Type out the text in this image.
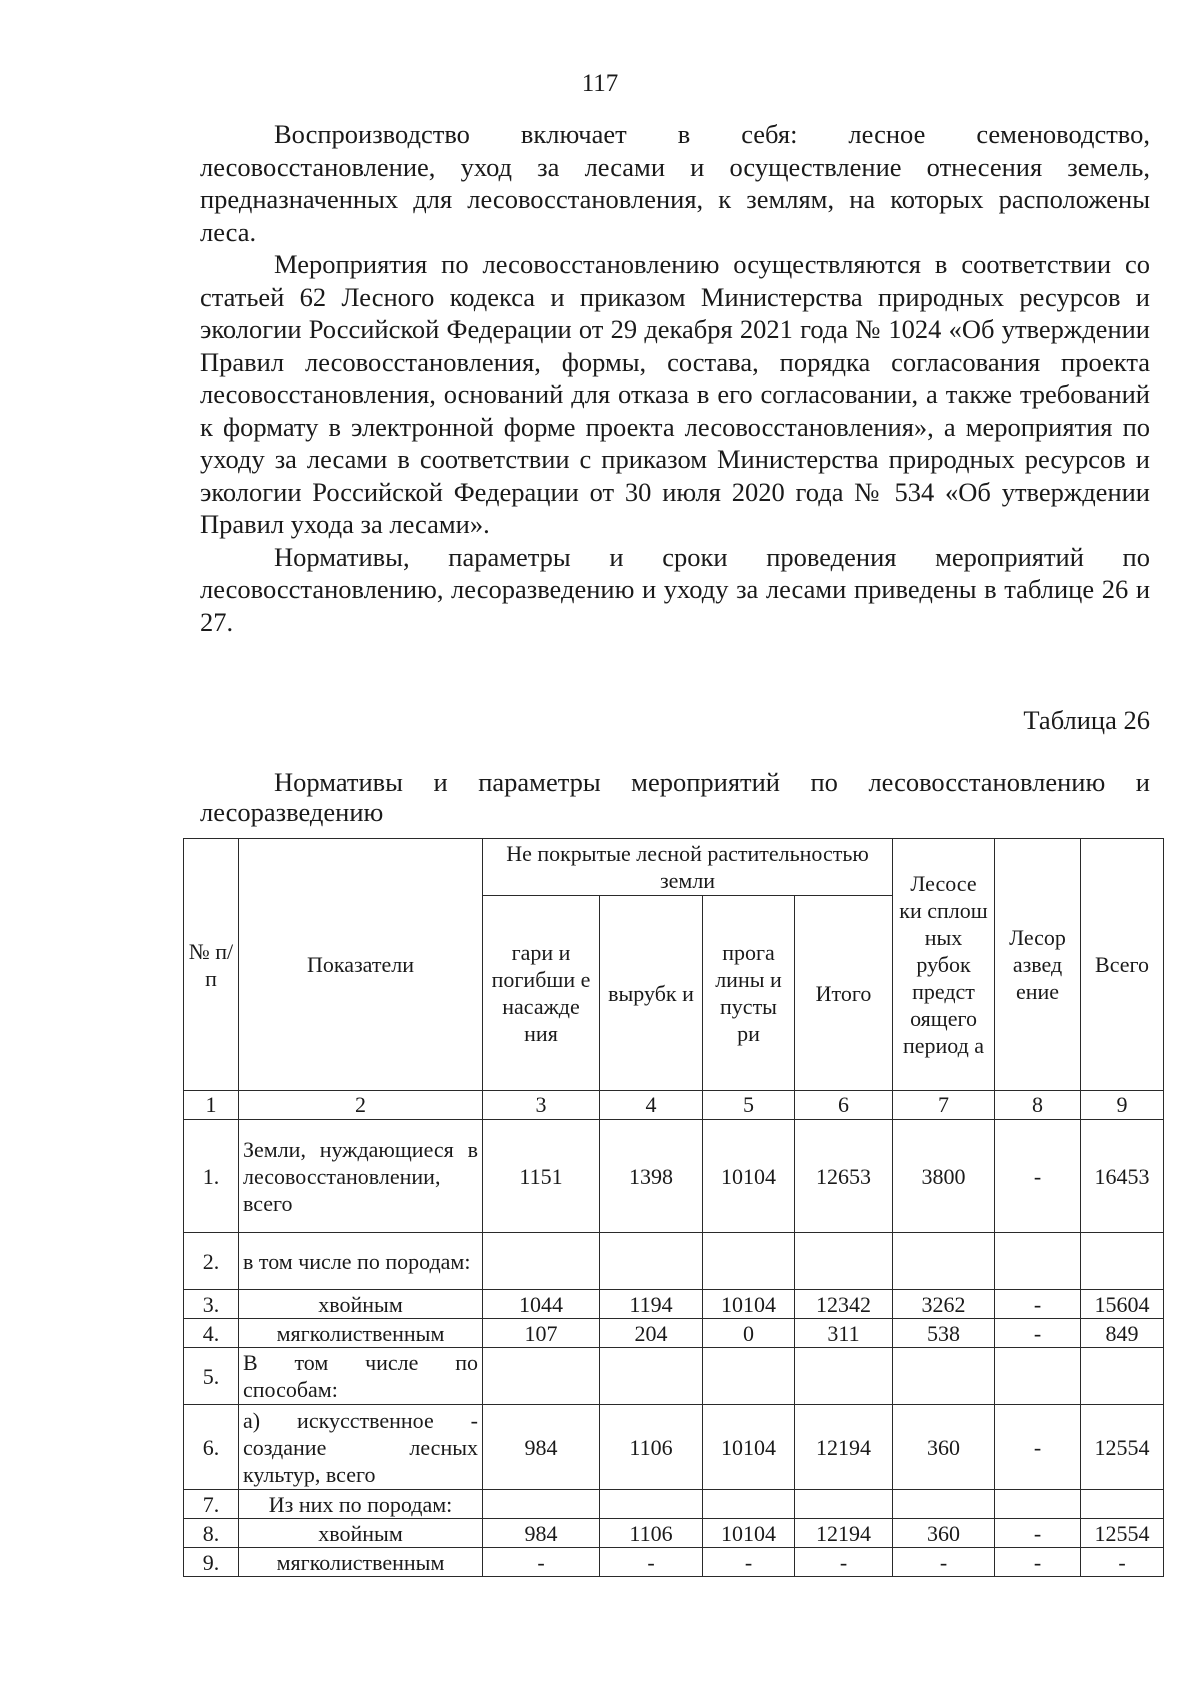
117

Воспроизводство включает в себя: лесное семеноводство, лесовосстановление, уход за лесами и осуществление отнесения земель, предназначенных для лесовосстановления, к землям, на которых расположены леса.

Мероприятия по лесовосстановлению осуществляются в соответствии со статьей 62 Лесного кодекса и приказом Министерства природных ресурсов и экологии Российской Федерации от 29 декабря 2021 года № 1024 «Об утверждении Правил лесовосстановления, формы, состава, порядка согласования проекта лесовосстановления, оснований для отказа в его согласовании, а также требований к формату в электронной форме проекта лесовосстановления», а мероприятия по уходу за лесами в соответствии с приказом Министерства природных ресурсов и экологии Российской Федерации от 30 июля 2020 года № 534 «Об утверждении Правил ухода за лесами».

Нормативы, параметры и сроки проведения мероприятий по лесовосстановлению, лесоразведению и уходу за лесами приведены в таблице 26 и 27.

Таблица 26
Нормативы и параметры мероприятий по лесовосстановлению и лесоразведению
№ п/п	Показатели	Не покрытые лесной растительностью земли				Лесосе ки сплош ных рубок предст оящего период а	Лесор азвед ение	Всего
		гари и погибши е насажде ния	вырубк и	прога лины и пусты ри	Итого			
1	2	3	4	5	6	7	8	9
1.	Земли, нуждающиеся в лесовосстановлении, всего	1151	1398	10104	12653	3800	-	16453
2.	в том числе по породам:							
3.	хвойным	1044	1194	10104	12342	3262	-	15604
4.	мягколиственным	107	204	0	311	538	-	849
5.	В том числе по способам:							
6.	а) искусственное - создание лесных культур, всего	984	1106	10104	12194	360	-	12554
7.	Из них по породам:							
8.	хвойным	984	1106	10104	12194	360	-	12554
9.	мягколиственным	-	-	-	-	-	-	-
